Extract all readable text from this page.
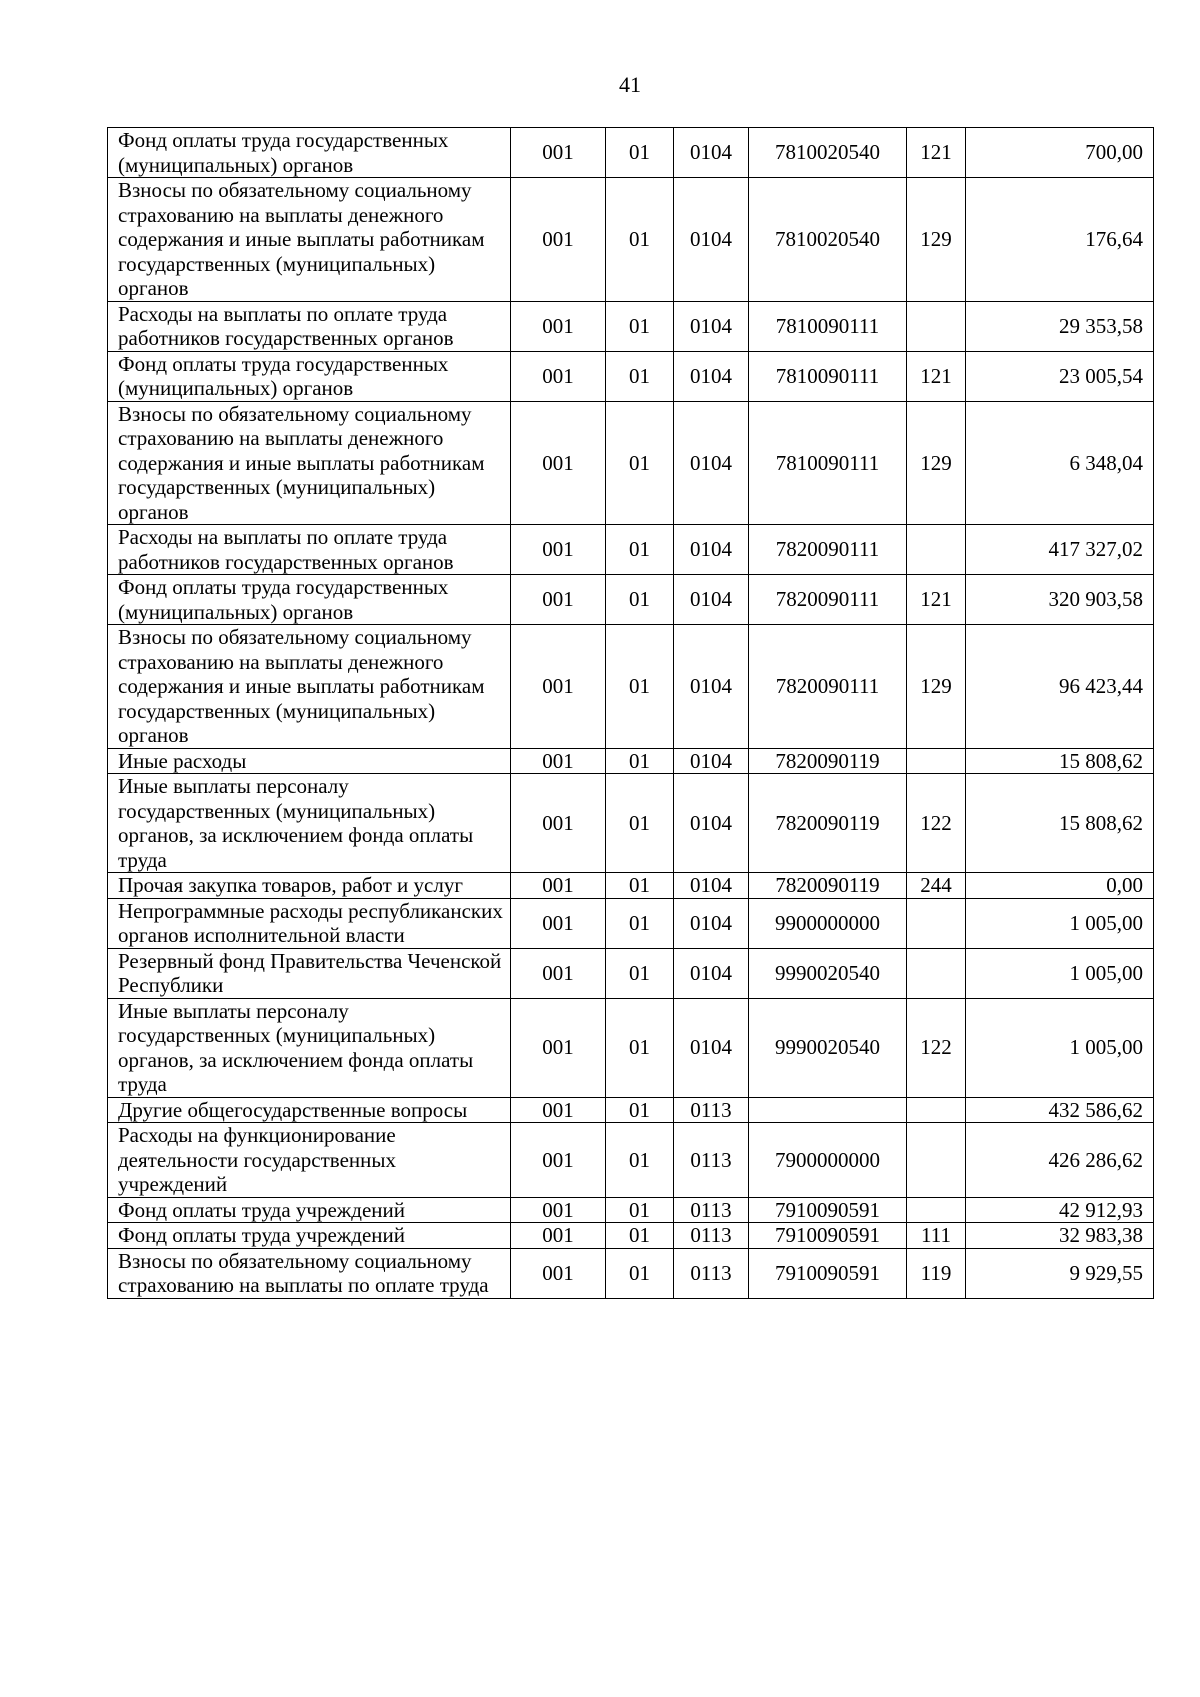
41
Фонд оплаты труда государственных (муниципальных) органов	001	01	0104	7810020540	121	700,00
Взносы по обязательному социальному страхованию на выплаты денежного содержания и иные выплаты работникам государственных (муниципальных) органов	001	01	0104	7810020540	129	176,64
Расходы на выплаты по оплате труда работников государственных органов	001	01	0104	7810090111		29 353,58
Фонд оплаты труда государственных (муниципальных) органов	001	01	0104	7810090111	121	23 005,54
Взносы по обязательному социальному страхованию на выплаты денежного содержания и иные выплаты работникам государственных (муниципальных) органов	001	01	0104	7810090111	129	6 348,04
Расходы на выплаты по оплате труда работников государственных органов	001	01	0104	7820090111		417 327,02
Фонд оплаты труда государственных (муниципальных) органов	001	01	0104	7820090111	121	320 903,58
Взносы по обязательному социальному страхованию на выплаты денежного содержания и иные выплаты работникам государственных (муниципальных) органов	001	01	0104	7820090111	129	96 423,44
Иные расходы	001	01	0104	7820090119		15 808,62
Иные выплаты персоналу государственных (муниципальных) органов, за исключением фонда оплаты труда	001	01	0104	7820090119	122	15 808,62
Прочая закупка товаров, работ и услуг	001	01	0104	7820090119	244	0,00
Непрограммные расходы республиканских органов исполнительной власти	001	01	0104	9900000000		1 005,00
Резервный фонд Правительства Чеченской Республики	001	01	0104	9990020540		1 005,00
Иные выплаты персоналу государственных (муниципальных) органов, за исключением фонда оплаты труда	001	01	0104	9990020540	122	1 005,00
Другие общегосударственные вопросы	001	01	0113			432 586,62
Расходы на функционирование деятельности государственных учреждений	001	01	0113	7900000000		426 286,62
Фонд оплаты труда учреждений	001	01	0113	7910090591		42 912,93
Фонд оплаты труда учреждений	001	01	0113	7910090591	111	32 983,38
Взносы по обязательному социальному страхованию на выплаты по оплате труда	001	01	0113	7910090591	119	9 929,55
